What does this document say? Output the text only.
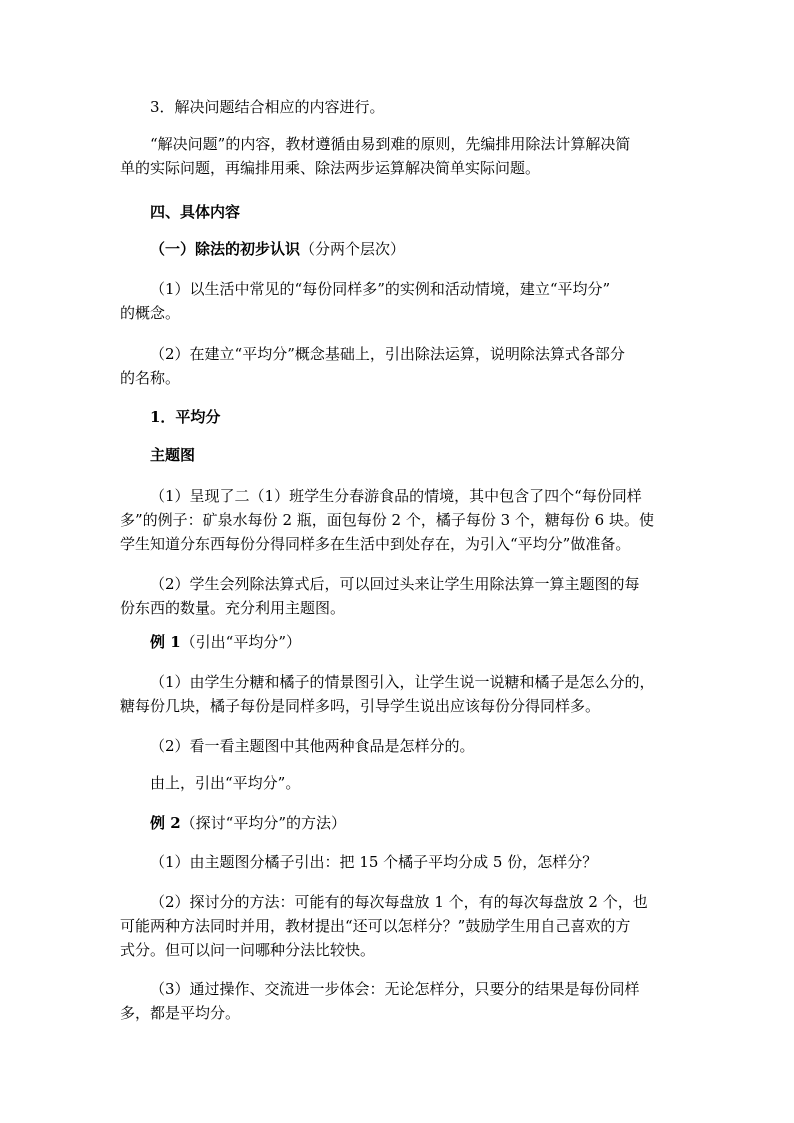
3．解决问题结合相应的内容进行。

“解决问题”的内容，教材遵循由易到难的原则，先编排用除法计算解决简
单的实际问题，再编排用乘、除法两步运算解决简单实际问题。

四、具体内容

（一）除法的初步认识（分两个层次）

（1）以生活中常见的“每份同样多”的实例和活动情境，建立“平均分”
的概念。

（2）在建立“平均分”概念基础上，引出除法运算，说明除法算式各部分
的名称。

1．平均分

主题图

（1）呈现了二（1）班学生分春游食品的情境，其中包含了四个“每份同样
多”的例子：矿泉水每份 2 瓶，面包每份 2 个，橘子每份 3 个，糖每份 6 块。使
学生知道分东西每份分得同样多在生活中到处存在，为引入“平均分”做准备。

（2）学生会列除法算式后，可以回过头来让学生用除法算一算主题图的每
份东西的数量。充分利用主题图。

例 1（引出“平均分”）

（1）由学生分糖和橘子的情景图引入，让学生说一说糖和橘子是怎么分的，
糖每份几块，橘子每份是同样多吗，引导学生说出应该每份分得同样多。

（2）看一看主题图中其他两种食品是怎样分的。

由上，引出“平均分”。

例 2（探讨“平均分”的方法）

（1）由主题图分橘子引出：把 15 个橘子平均分成 5 份，怎样分？

（2）探讨分的方法：可能有的每次每盘放 1 个，有的每次每盘放 2 个，也
可能两种方法同时并用，教材提出“还可以怎样分？”鼓励学生用自己喜欢的方
式分。但可以问一问哪种分法比较快。

（3）通过操作、交流进一步体会：无论怎样分，只要分的结果是每份同样
多，都是平均分。
